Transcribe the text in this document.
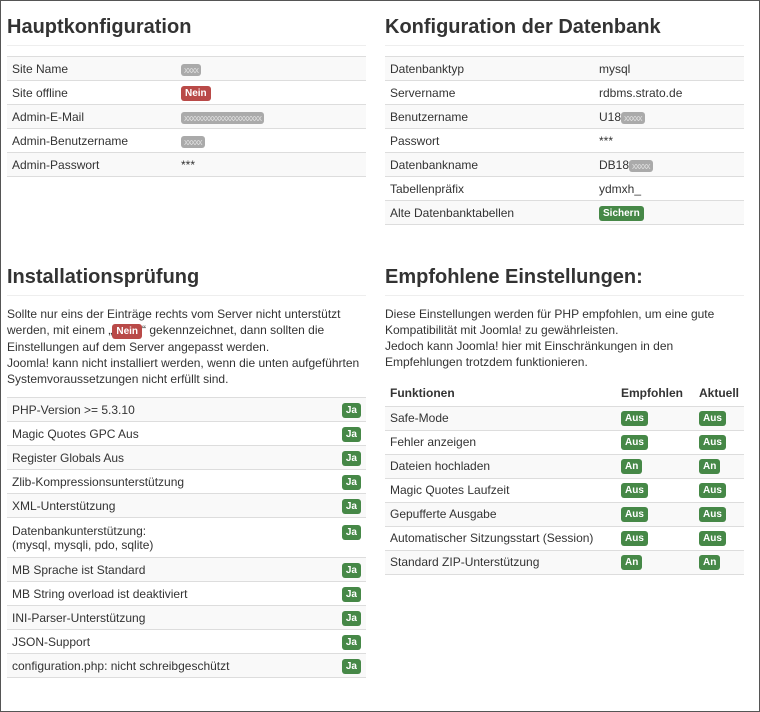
Hauptkonfiguration
Site Name	xxxx
Site offline	Nein
Admin-E-Mail	xxxxxxxxxxxxxxxxxxxxxx
Admin-Benutzername	xxxxx
Admin-Passwort	***
Konfiguration der Datenbank
Datenbanktyp	mysql
Servername	rdbms.strato.de
Benutzername	U18 xxxxx
Passwort	***
Datenbankname	DB18 xxxxx
Tabellenpräfix	ydmxh_
Alte Datenbanktabellen	Sichern
Installationsprüfung

Sollte nur eins der Einträge rechts vom Server nicht unterstützt werden, mit einem „ Nein “ gekennzeichnet, dann sollten die Einstellungen auf dem Server angepasst werden.
Joomla! kann nicht installiert werden, wenn die unten aufgeführten Systemvoraussetzungen nicht erfüllt sind.

PHP-Version >= 5.3.10	Ja
Magic Quotes GPC Aus	Ja
Register Globals Aus	Ja
Zlib-Kompressionsunterstützung	Ja
XML-Unterstützung	Ja
Datenbankunterstützung:
(mysql, mysqli, pdo, sqlite)	Ja
MB Sprache ist Standard	Ja
MB String overload ist deaktiviert	Ja
INI-Parser-Unterstützung	Ja
JSON-Support	Ja
configuration.php: nicht schreibgeschützt	Ja
Empfohlene Einstellungen:

Diese Einstellungen werden für PHP empfohlen, um eine gute Kompatibilität mit Joomla! zu gewährleisten.
Jedoch kann Joomla! hier mit Einschränkungen in den Empfehlungen trotzdem funktionieren.

Funktionen	Empfohlen	Aktuell
Safe-Mode	Aus	Aus
Fehler anzeigen	Aus	Aus
Dateien hochladen	An	An
Magic Quotes Laufzeit	Aus	Aus
Gepufferte Ausgabe	Aus	Aus
Automatischer Sitzungsstart (Session)	Aus	Aus
Standard ZIP-Unterstützung	An	An
